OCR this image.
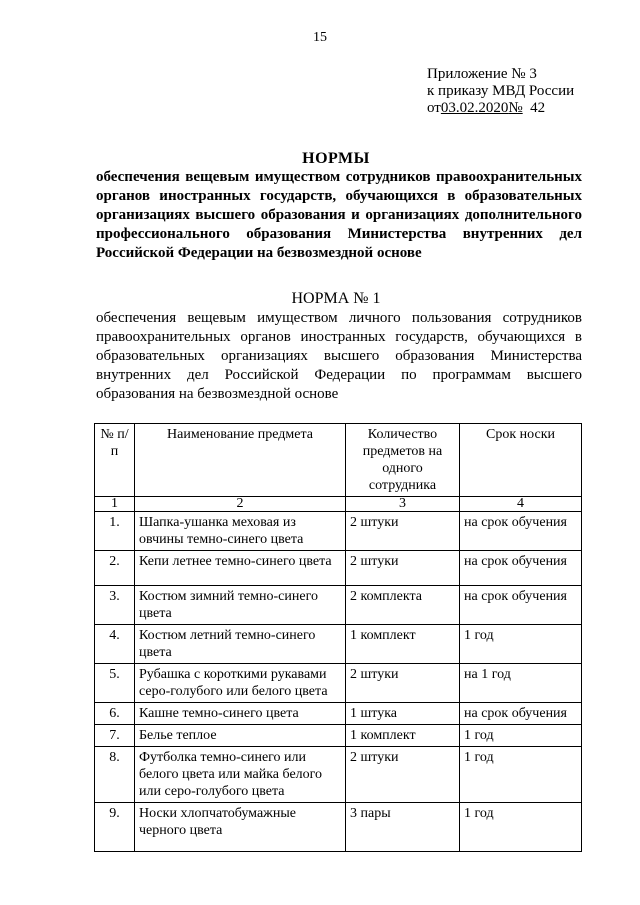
15
Приложение № 3
к приказу МВД России
от03.02.2020№ 42
НОРМЫ
обеспечения вещевым имуществом сотрудников правоохранительных органов иностранных государств, обучающихся в образовательных организациях высшего образования и организациях дополнительного профессионального образования Министерства внутренних дел Российской Федерации на безвозмездной основе
НОРМА № 1
обеспечения вещевым имуществом личного пользования сотрудников правоохранительных органов иностранных государств, обучающихся в образовательных организациях высшего образования Министерства внутренних дел Российской Федерации по программам высшего образования на безвозмездной основе
№ п/п	Наименование предмета	Количество предметов на одного сотрудника	Срок носки
1	2	3	4
1.	Шапка-ушанка меховая из овчины темно-синего цвета	2 штуки	на срок обучения
2.	Кепи летнее темно-синего цвета	2 штуки	на срок обучения
3.	Костюм зимний темно-синего цвета	2 комплекта	на срок обучения
4.	Костюм летний темно-синего цвета	1 комплект	1 год
5.	Рубашка с короткими рукавами серо-голубого или белого цвета	2 штуки	на 1 год
6.	Кашне темно-синего цвета	1 штука	на срок обучения
7.	Белье теплое	1 комплект	1 год
8.	Футболка темно-синего или белого цвета или майка белого или серо-голубого цвета	2 штуки	1 год
9.	Носки хлопчатобумажные черного цвета	3 пары	1 год
